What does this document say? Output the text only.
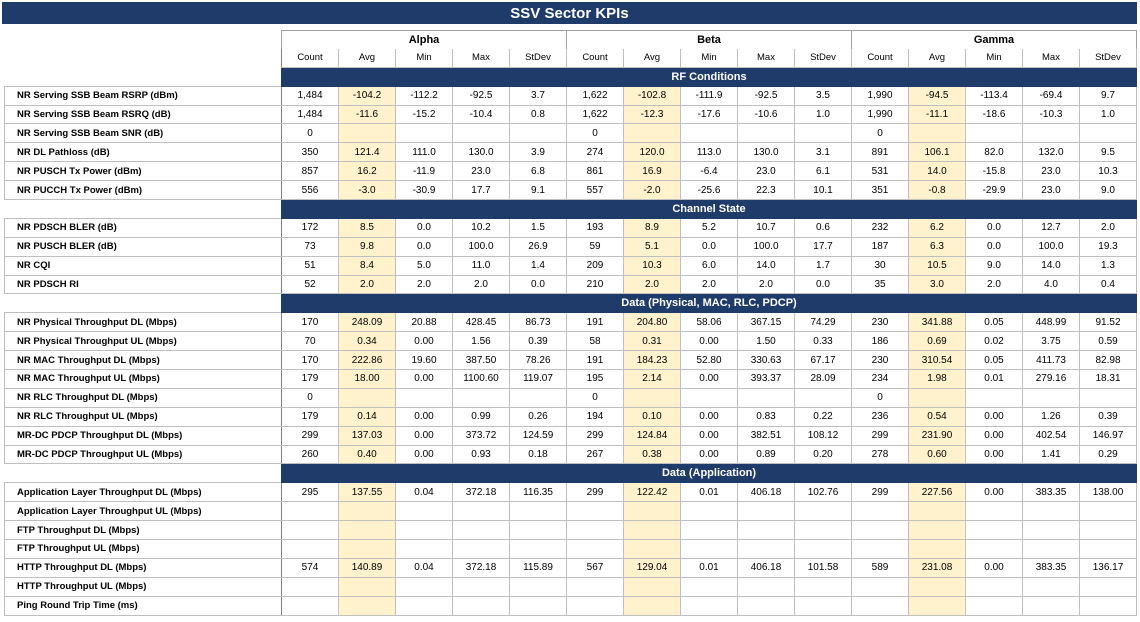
SSV Sector KPIs
	Alpha					Beta					Gamma				
	Count	Avg	Min	Max	StDev	Count	Avg	Min	Max	StDev	Count	Avg	Min	Max	StDev
	RF Conditions														
NR Serving SSB Beam RSRP (dBm)	1,484	-104.2	-112.2	-92.5	3.7	1,622	-102.8	-111.9	-92.5	3.5	1,990	-94.5	-113.4	-69.4	9.7
NR Serving SSB Beam RSRQ (dB)	1,484	-11.6	-15.2	-10.4	0.8	1,622	-12.3	-17.6	-10.6	1.0	1,990	-11.1	-18.6	-10.3	1.0
NR Serving SSB Beam SNR (dB)	0					0					0				
NR DL Pathloss (dB)	350	121.4	111.0	130.0	3.9	274	120.0	113.0	130.0	3.1	891	106.1	82.0	132.0	9.5
NR PUSCH Tx Power (dBm)	857	16.2	-11.9	23.0	6.8	861	16.9	-6.4	23.0	6.1	531	14.0	-15.8	23.0	10.3
NR PUCCH Tx Power (dBm)	556	-3.0	-30.9	17.7	9.1	557	-2.0	-25.6	22.3	10.1	351	-0.8	-29.9	23.0	9.0
	Channel State														
NR PDSCH BLER (dB)	172	8.5	0.0	10.2	1.5	193	8.9	5.2	10.7	0.6	232	6.2	0.0	12.7	2.0
NR PUSCH BLER (dB)	73	9.8	0.0	100.0	26.9	59	5.1	0.0	100.0	17.7	187	6.3	0.0	100.0	19.3
NR CQI	51	8.4	5.0	11.0	1.4	209	10.3	6.0	14.0	1.7	30	10.5	9.0	14.0	1.3
NR PDSCH RI	52	2.0	2.0	2.0	0.0	210	2.0	2.0	2.0	0.0	35	3.0	2.0	4.0	0.4
	Data (Physical, MAC, RLC, PDCP)														
NR Physical Throughput DL (Mbps)	170	248.09	20.88	428.45	86.73	191	204.80	58.06	367.15	74.29	230	341.88	0.05	448.99	91.52
NR Physical Throughput UL (Mbps)	70	0.34	0.00	1.56	0.39	58	0.31	0.00	1.50	0.33	186	0.69	0.02	3.75	0.59
NR MAC Throughput DL (Mbps)	170	222.86	19.60	387.50	78.26	191	184.23	52.80	330.63	67.17	230	310.54	0.05	411.73	82.98
NR MAC Throughput UL (Mbps)	179	18.00	0.00	1100.60	119.07	195	2.14	0.00	393.37	28.09	234	1.98	0.01	279.16	18.31
NR RLC Throughput DL (Mbps)	0					0					0				
NR RLC Throughput UL (Mbps)	179	0.14	0.00	0.99	0.26	194	0.10	0.00	0.83	0.22	236	0.54	0.00	1.26	0.39
MR-DC PDCP Throughput DL (Mbps)	299	137.03	0.00	373.72	124.59	299	124.84	0.00	382.51	108.12	299	231.90	0.00	402.54	146.97
MR-DC PDCP Throughput UL (Mbps)	260	0.40	0.00	0.93	0.18	267	0.38	0.00	0.89	0.20	278	0.60	0.00	1.41	0.29
	Data (Application)														
Application Layer Throughput DL (Mbps)	295	137.55	0.04	372.18	116.35	299	122.42	0.01	406.18	102.76	299	227.56	0.00	383.35	138.00
Application Layer Throughput UL (Mbps)															
FTP Throughput DL (Mbps)															
FTP Throughput UL (Mbps)															
HTTP Throughput DL (Mbps)	574	140.89	0.04	372.18	115.89	567	129.04	0.01	406.18	101.58	589	231.08	0.00	383.35	136.17
HTTP Throughput UL (Mbps)															
Ping Round Trip Time (ms)															
